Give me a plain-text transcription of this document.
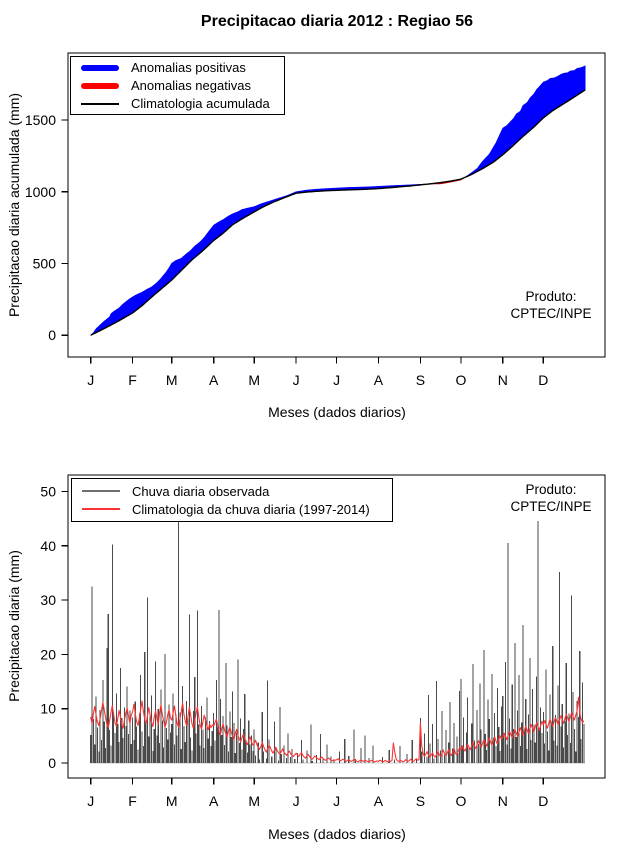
0
500
1000
1500
J F M A M J J A S O N D
0
10
20
30
40
50
J F M A M J J A S O N D
Precipitacao diaria 2012 : Regiao 56
Precipitacao diaria acumulada (mm)
Meses (dados diarios)
Anomalias positivas
Anomalias negativas
Climatologia acumulada
Produto:
CPTEC/INPE
Precipitacao diaria (mm)
Meses (dados diarios)
Chuva diaria observada
Climatologia da chuva diaria (1997-2014)
Produto:
CPTEC/INPE
